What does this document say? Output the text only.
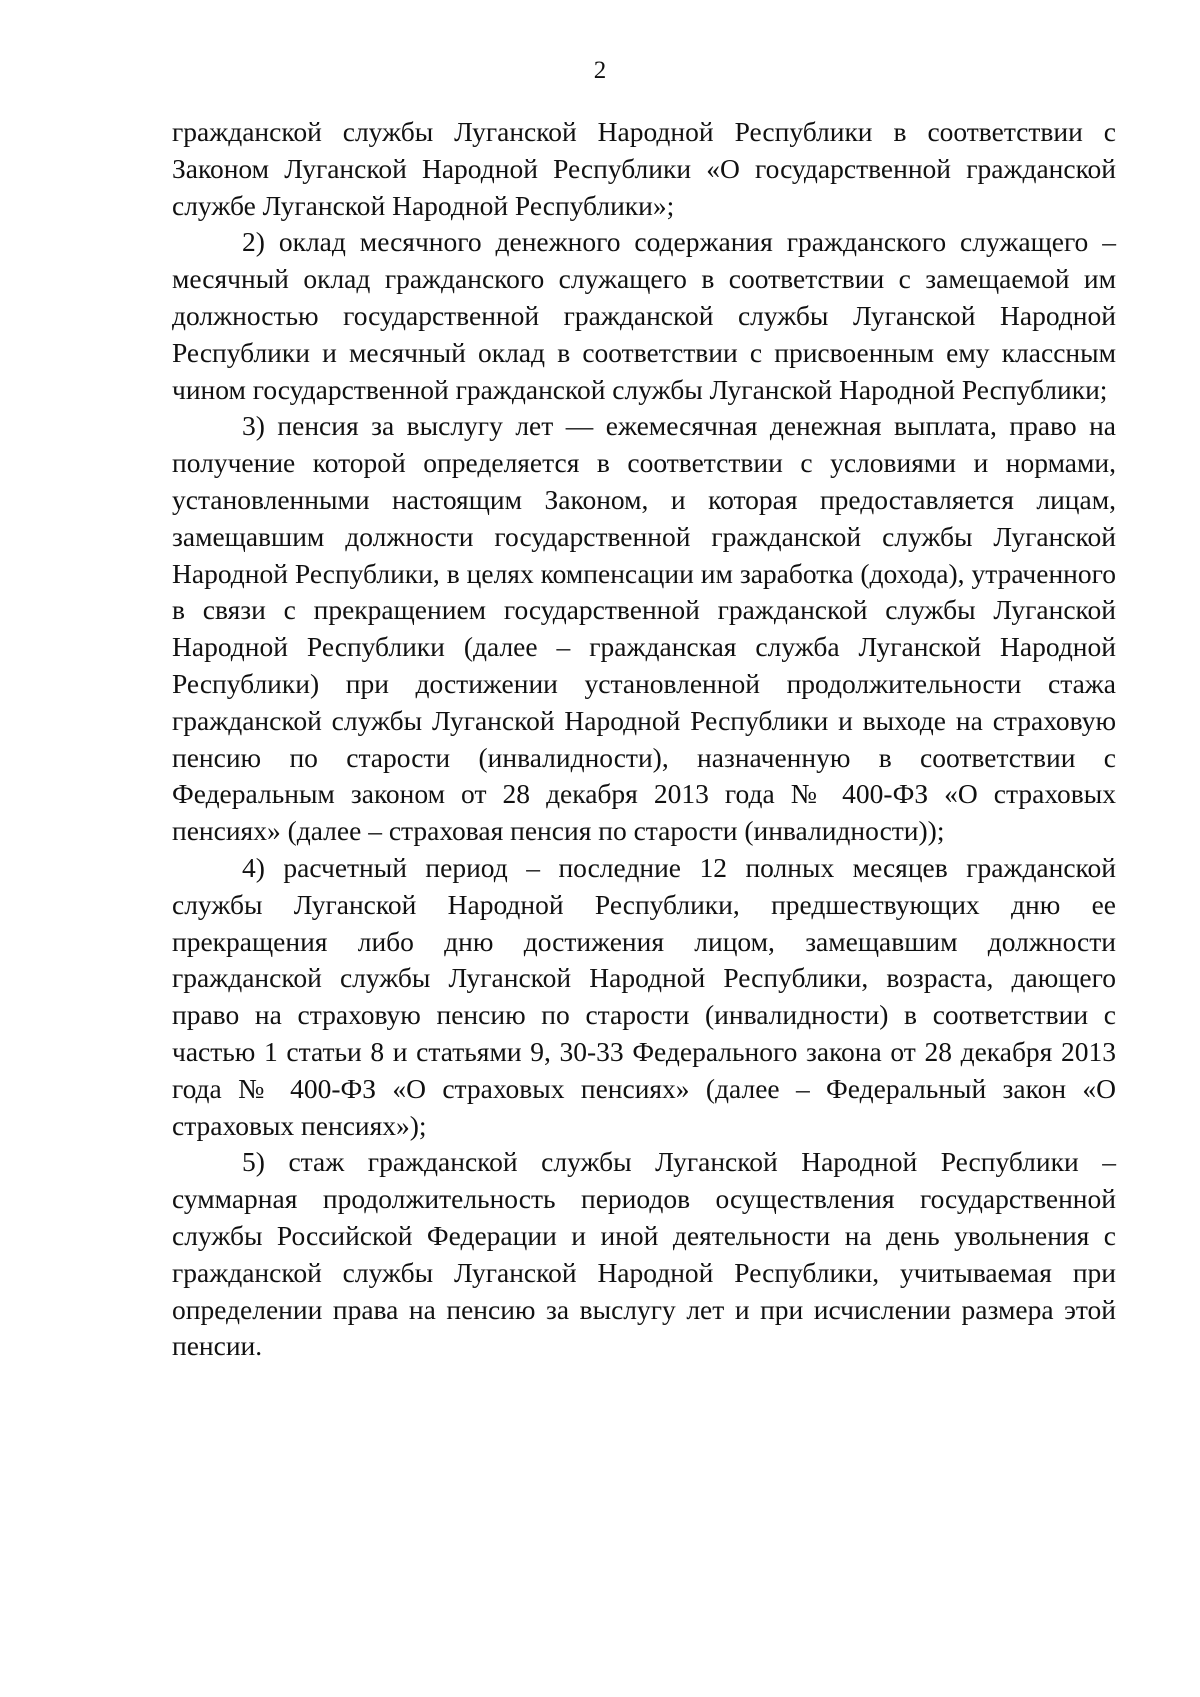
2

гражданской службы Луганской Народной Республики в соответствии с Законом Луганской Народной Республики «О государственной гражданской службе Луганской Народной Республики»;

2) оклад месячного денежного содержания гражданского служащего – месячный оклад гражданского служащего в соответствии с замещаемой им должностью государственной гражданской службы Луганской Народной Республики и месячный оклад в соответствии с присвоенным ему классным чином государственной гражданской службы Луганской Народной Республики;

3) пенсия за выслугу лет — ежемесячная денежная выплата, право на получение которой определяется в соответствии с условиями и нормами, установленными настоящим Законом, и которая предоставляется лицам, замещавшим должности государственной гражданской службы Луганской Народной Республики, в целях компенсации им заработка (дохода), утраченного в связи с прекращением государственной гражданской службы Луганской Народной Республики (далее – гражданская служба Луганской Народной Республики) при достижении установленной продолжительности стажа гражданской службы Луганской Народной Республики и выходе на страховую пенсию по старости (инвалидности), назначенную в соответствии с Федеральным законом от 28 декабря 2013 года № 400-ФЗ «О страховых пенсиях» (далее – страховая пенсия по старости (инвалидности));

4) расчетный период – последние 12 полных месяцев гражданской службы Луганской Народной Республики, предшествующих дню ее прекращения либо дню достижения лицом, замещавшим должности гражданской службы Луганской Народной Республики, возраста, дающего право на страховую пенсию по старости (инвалидности) в соответствии с частью 1 статьи 8 и статьями 9, 30-33 Федерального закона от 28 декабря 2013 года № 400-ФЗ «О страховых пенсиях» (далее – Федеральный закон «О страховых пенсиях»);

5) стаж гражданской службы Луганской Народной Республики – суммарная продолжительность периодов осуществления государственной службы Российской Федерации и иной деятельности на день увольнения с гражданской службы Луганской Народной Республики, учитываемая при определении права на пенсию за выслугу лет и при исчислении размера этой пенсии.
